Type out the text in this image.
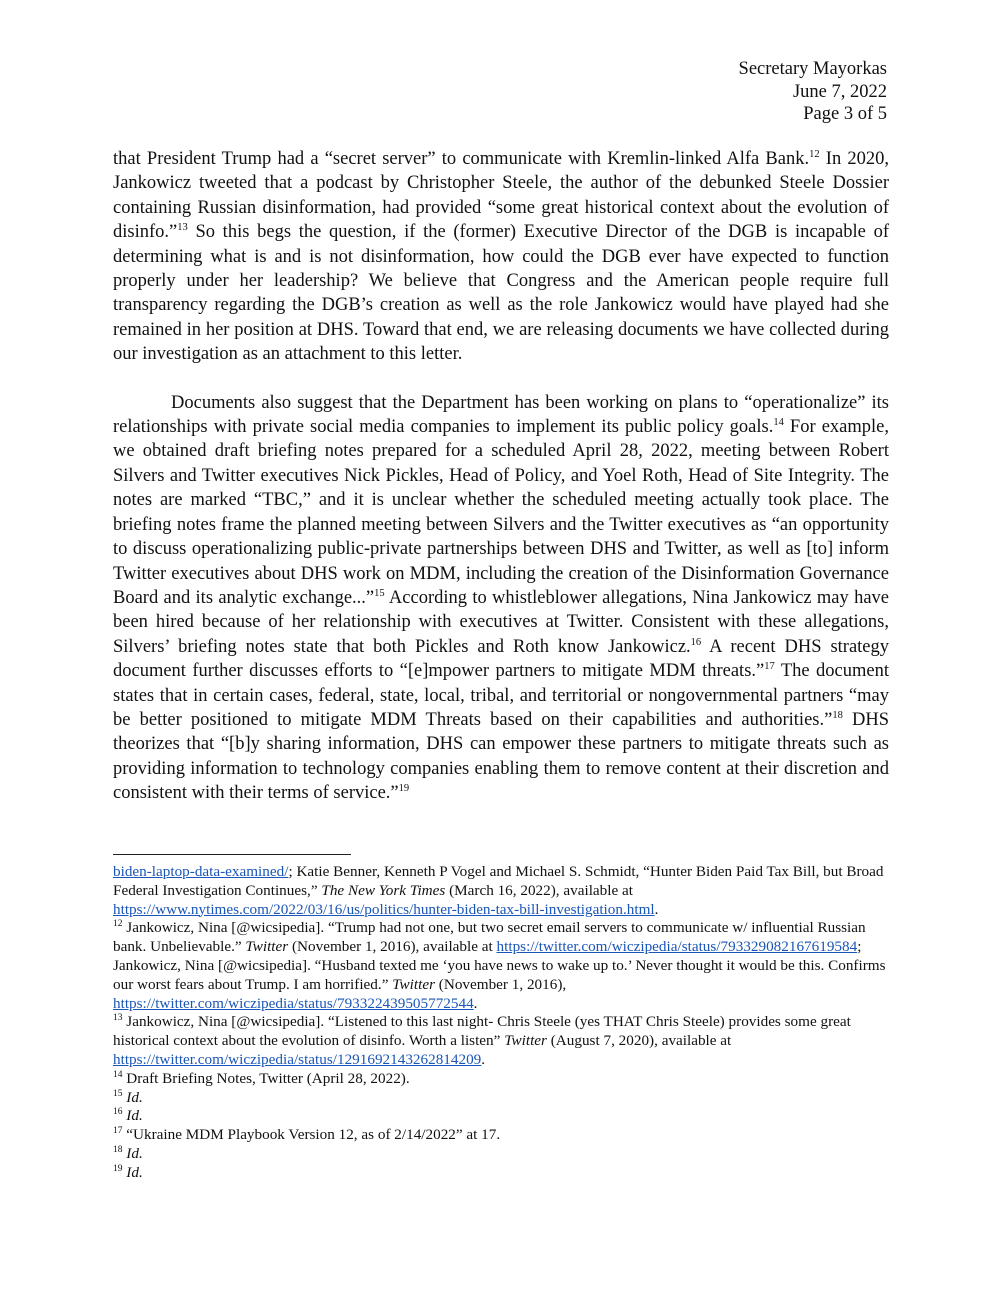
Secretary Mayorkas
June 7, 2022
Page 3 of 5

that President Trump had a “secret server” to communicate with Kremlin-linked Alfa Bank.$^{12}$ In 2020, Jankowicz tweeted that a podcast by Christopher Steele, the author of the debunked Steele Dossier containing Russian disinformation, had provided “some great historical context about the evolution of disinfo.”$^{13}$ So this begs the question, if the (former) Executive Director of the DGB is incapable of determining what is and is not disinformation, how could the DGB ever have expected to function properly under her leadership? We believe that Congress and the American people require full transparency regarding the DGB’s creation as well as the role Jankowicz would have played had she remained in her position at DHS. Toward that end, we are releasing documents we have collected during our investigation as an attachment to this letter.

Documents also suggest that the Department has been working on plans to “operationalize” its relationships with private social media companies to implement its public policy goals.$^{14}$ For example, we obtained draft briefing notes prepared for a scheduled April 28, 2022, meeting between Robert Silvers and Twitter executives Nick Pickles, Head of Policy, and Yoel Roth, Head of Site Integrity. The notes are marked “TBC,” and it is unclear whether the scheduled meeting actually took place. The briefing notes frame the planned meeting between Silvers and the Twitter executives as “an opportunity to discuss operationalizing public-private partnerships between DHS and Twitter, as well as [to] inform Twitter executives about DHS work on MDM, including the creation of the Disinformation Governance Board and its analytic exchange...”$^{15}$ According to whistleblower allegations, Nina Jankowicz may have been hired because of her relationship with executives at Twitter. Consistent with these allegations, Silvers’ briefing notes state that both Pickles and Roth know Jankowicz.$^{16}$ A recent DHS strategy document further discusses efforts to “[e]mpower partners to mitigate MDM threats.”$^{17}$ The document states that in certain cases, federal, state, local, tribal, and territorial or nongovernmental partners “may be better positioned to mitigate MDM Threats based on their capabilities and authorities.”$^{18}$ DHS theorizes that “[b]y sharing information, DHS can empower these partners to mitigate threats such as providing information to technology companies enabling them to remove content at their discretion and consistent with their terms of service.”$^{19}$

biden-laptop-data-examined/; Katie Benner, Kenneth P Vogel and Michael S. Schmidt, “Hunter Biden Paid Tax Bill, but Broad Federal Investigation Continues,” The New York Times (March 16, 2022), available at https://www.nytimes.com/2022/03/16/us/politics/hunter-biden-tax-bill-investigation.html.

$^{12}$ Jankowicz, Nina [@wicsipedia]. “Trump had not one, but two secret email servers to communicate w/ influential Russian bank. Unbelievable.” Twitter (November 1, 2016), available at https://twitter.com/wiczipedia/status/793329082167619584; Jankowicz, Nina [@wicsipedia]. “Husband texted me ‘you have news to wake up to.’ Never thought it would be this. Confirms our worst fears about Trump. I am horrified.” Twitter (November 1, 2016), https://twitter.com/wiczipedia/status/793322439505772544.

$^{13}$ Jankowicz, Nina [@wicsipedia]. “Listened to this last night- Chris Steele (yes THAT Chris Steele) provides some great historical context about the evolution of disinfo. Worth a listen” Twitter (August 7, 2020), available at https://twitter.com/wiczipedia/status/1291692143262814209.

$^{14}$ Draft Briefing Notes, Twitter (April 28, 2022).

$^{15}$ Id.

$^{16}$ Id.

$^{17}$ “Ukraine MDM Playbook Version 12, as of 2/14/2022” at 17.

$^{18}$ Id.

$^{19}$ Id.
